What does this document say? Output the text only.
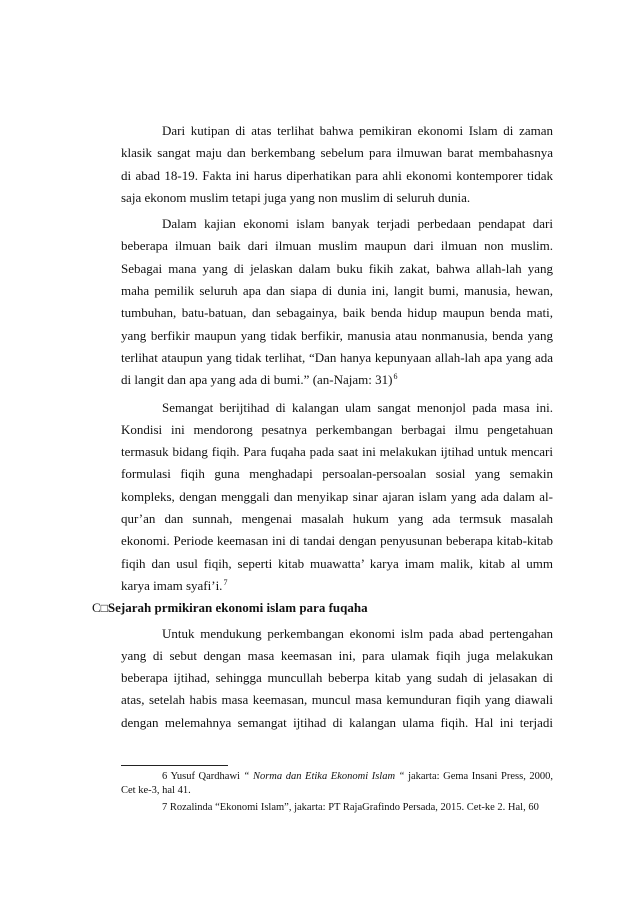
Dari kutipan di atas terlihat bahwa pemikiran ekonomi Islam di zaman
klasik sangat maju dan berkembang sebelum para ilmuwan barat membahasnya
di abad 18-19. Fakta ini harus diperhatikan para ahli ekonomi kontemporer tidak
saja ekonom muslim tetapi juga yang non muslim di seluruh dunia.
Dalam kajian ekonomi islam banyak terjadi perbedaan pendapat dari
beberapa ilmuan baik dari ilmuan muslim maupun dari ilmuan non muslim.
Sebagai mana yang di jelaskan dalam buku fikih zakat, bahwa allah-lah yang
maha pemilik seluruh apa dan siapa di dunia ini, langit bumi, manusia, hewan,
tumbuhan, batu-batuan, dan sebagainya, baik benda hidup maupun benda mati,
yang berfikir maupun yang tidak berfikir, manusia atau nonmanusia, benda yang
terlihat ataupun yang tidak terlihat, “Dan hanya kepunyaan allah-lah apa yang ada
di langit dan apa yang ada di bumi.” (an-Najam: 31)$^6$
Semangat berijtihad di kalangan ulam sangat menonjol pada masa ini.
Kondisi ini mendorong pesatnya perkembangan berbagai ilmu pengetahuan
termasuk bidang fiqih. Para fuqaha pada saat ini melakukan ijtihad untuk mencari
formulasi fiqih guna menghadapi persoalan-persoalan sosial yang semakin
kompleks, dengan menggali dan menyikap sinar ajaran islam yang ada dalam al-
qur’an dan sunnah, mengenai masalah hukum yang ada termsuk masalah
ekonomi. Periode keemasan ini di tandai dengan penyusunan beberapa kitab-kitab
fiqih dan usul fiqih, seperti kitab muawatta’ karya imam malik, kitab al umm
karya imam syafi’i.$^7$
C□Sejarah prmikiran ekonomi islam para fuqaha
Untuk mendukung perkembangan ekonomi islm pada abad pertengahan
yang di sebut dengan masa keemasan ini, para ulamak fiqih juga melakukan
beberapa ijtihad, sehingga muncullah beberpa kitab yang sudah di jelasakan di
atas, setelah habis masa keemasan, muncul masa kemunduran fiqih yang diawali
dengan melemahnya semangat ijtihad di kalangan ulama fiqih. Hal ini terjadi
6 Yusuf Qardhawi “ Norma dan Etika Ekonomi Islam “ jakarta: Gema Insani Press, 2000,
Cet ke-3, hal 41.
7 Rozalinda “Ekonomi Islam”, jakarta: PT RajaGrafindo Persada, 2015. Cet-ke 2. Hal, 60
